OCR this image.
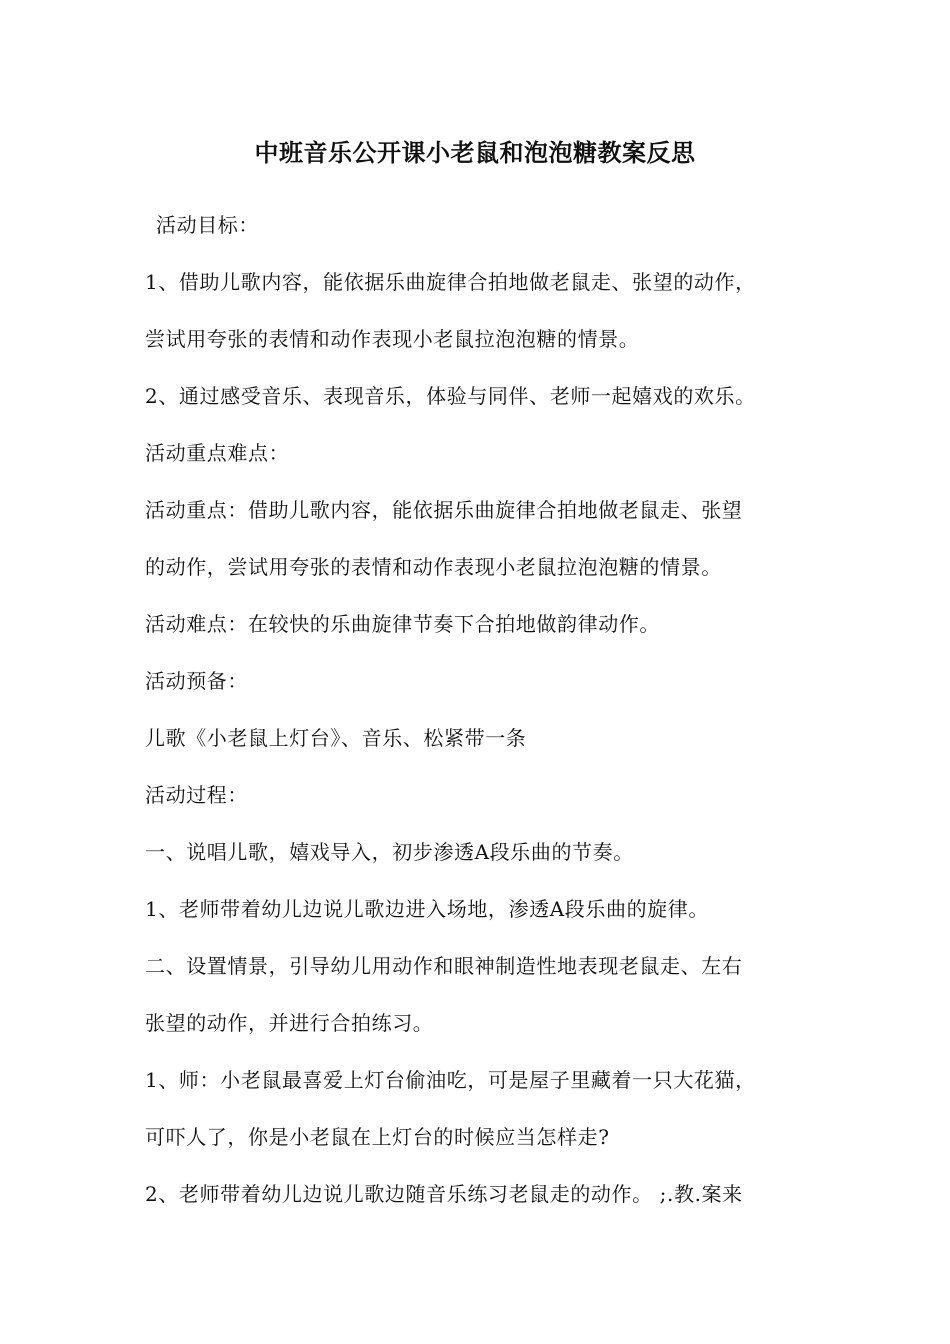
中班音乐公开课小老鼠和泡泡糖教案反思
活动目标：
1、借助儿歌内容，能依据乐曲旋律合拍地做老鼠走、张望的动作，
尝试用夸张的表情和动作表现小老鼠拉泡泡糖的情景。
2、通过感受音乐、表现音乐，体验与同伴、老师一起嬉戏的欢乐。
活动重点难点：
活动重点：借助儿歌内容，能依据乐曲旋律合拍地做老鼠走、张望
的动作，尝试用夸张的表情和动作表现小老鼠拉泡泡糖的情景。
活动难点：在较快的乐曲旋律节奏下合拍地做韵律动作。
活动预备：
儿歌《小老鼠上灯台》、音乐、松紧带一条
活动过程：
一、说唱儿歌，嬉戏导入，初步渗透A段乐曲的节奏。
1、老师带着幼儿边说儿歌边进入场地，渗透A段乐曲的旋律。
二、设置情景，引导幼儿用动作和眼神制造性地表现老鼠走、左右
张望的动作，并进行合拍练习。
1、师：小老鼠最喜爱上灯台偷油吃，可是屋子里藏着一只大花猫，
可吓人了，你是小老鼠在上灯台的时候应当怎样走?
2、老师带着幼儿边说儿歌边随音乐练习老鼠走的动作。 ;.教.案来
